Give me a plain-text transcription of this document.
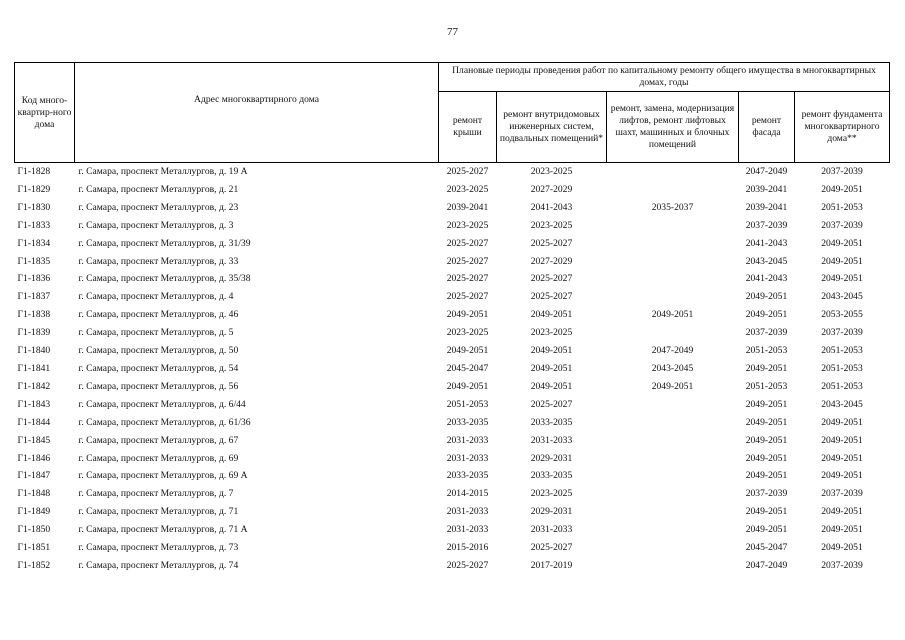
77
Код много-квартир-ного дома	Адрес многоквартирного дома	Плановые периоды проведения работ по капитальному ремонту общего имущества в многоквартирных домах, годы				
		ремонт крыши	ремонт внутридомовых инженерных систем, подвальных помещений*	ремонт, замена, модернизация лифтов, ремонт лифтовых шахт, машинных и блочных помещений	ремонт фасада	ремонт фундамента многоквартирного дома**
Г1-1828	г. Самара, проспект Металлургов, д. 19 А	2025-2027	2023-2025		2047-2049	2037-2039
Г1-1829	г. Самара, проспект Металлургов, д. 21	2023-2025	2027-2029		2039-2041	2049-2051
Г1-1830	г. Самара, проспект Металлургов, д. 23	2039-2041	2041-2043	2035-2037	2039-2041	2051-2053
Г1-1833	г. Самара, проспект Металлургов, д. 3	2023-2025	2023-2025		2037-2039	2037-2039
Г1-1834	г. Самара, проспект Металлургов, д. 31/39	2025-2027	2025-2027		2041-2043	2049-2051
Г1-1835	г. Самара, проспект Металлургов, д. 33	2025-2027	2027-2029		2043-2045	2049-2051
Г1-1836	г. Самара, проспект Металлургов, д. 35/38	2025-2027	2025-2027		2041-2043	2049-2051
Г1-1837	г. Самара, проспект Металлургов, д. 4	2025-2027	2025-2027		2049-2051	2043-2045
Г1-1838	г. Самара, проспект Металлургов, д. 46	2049-2051	2049-2051	2049-2051	2049-2051	2053-2055
Г1-1839	г. Самара, проспект Металлургов, д. 5	2023-2025	2023-2025		2037-2039	2037-2039
Г1-1840	г. Самара, проспект Металлургов, д. 50	2049-2051	2049-2051	2047-2049	2051-2053	2051-2053
Г1-1841	г. Самара, проспект Металлургов, д. 54	2045-2047	2049-2051	2043-2045	2049-2051	2051-2053
Г1-1842	г. Самара, проспект Металлургов, д. 56	2049-2051	2049-2051	2049-2051	2051-2053	2051-2053
Г1-1843	г. Самара, проспект Металлургов, д. 6/44	2051-2053	2025-2027		2049-2051	2043-2045
Г1-1844	г. Самара, проспект Металлургов, д. 61/36	2033-2035	2033-2035		2049-2051	2049-2051
Г1-1845	г. Самара, проспект Металлургов, д. 67	2031-2033	2031-2033		2049-2051	2049-2051
Г1-1846	г. Самара, проспект Металлургов, д. 69	2031-2033	2029-2031		2049-2051	2049-2051
Г1-1847	г. Самара, проспект Металлургов, д. 69 А	2033-2035	2033-2035		2049-2051	2049-2051
Г1-1848	г. Самара, проспект Металлургов, д. 7	2014-2015	2023-2025		2037-2039	2037-2039
Г1-1849	г. Самара, проспект Металлургов, д. 71	2031-2033	2029-2031		2049-2051	2049-2051
Г1-1850	г. Самара, проспект Металлургов, д. 71 А	2031-2033	2031-2033		2049-2051	2049-2051
Г1-1851	г. Самара, проспект Металлургов, д. 73	2015-2016	2025-2027		2045-2047	2049-2051
Г1-1852	г. Самара, проспект Металлургов, д. 74	2025-2027	2017-2019		2047-2049	2037-2039
